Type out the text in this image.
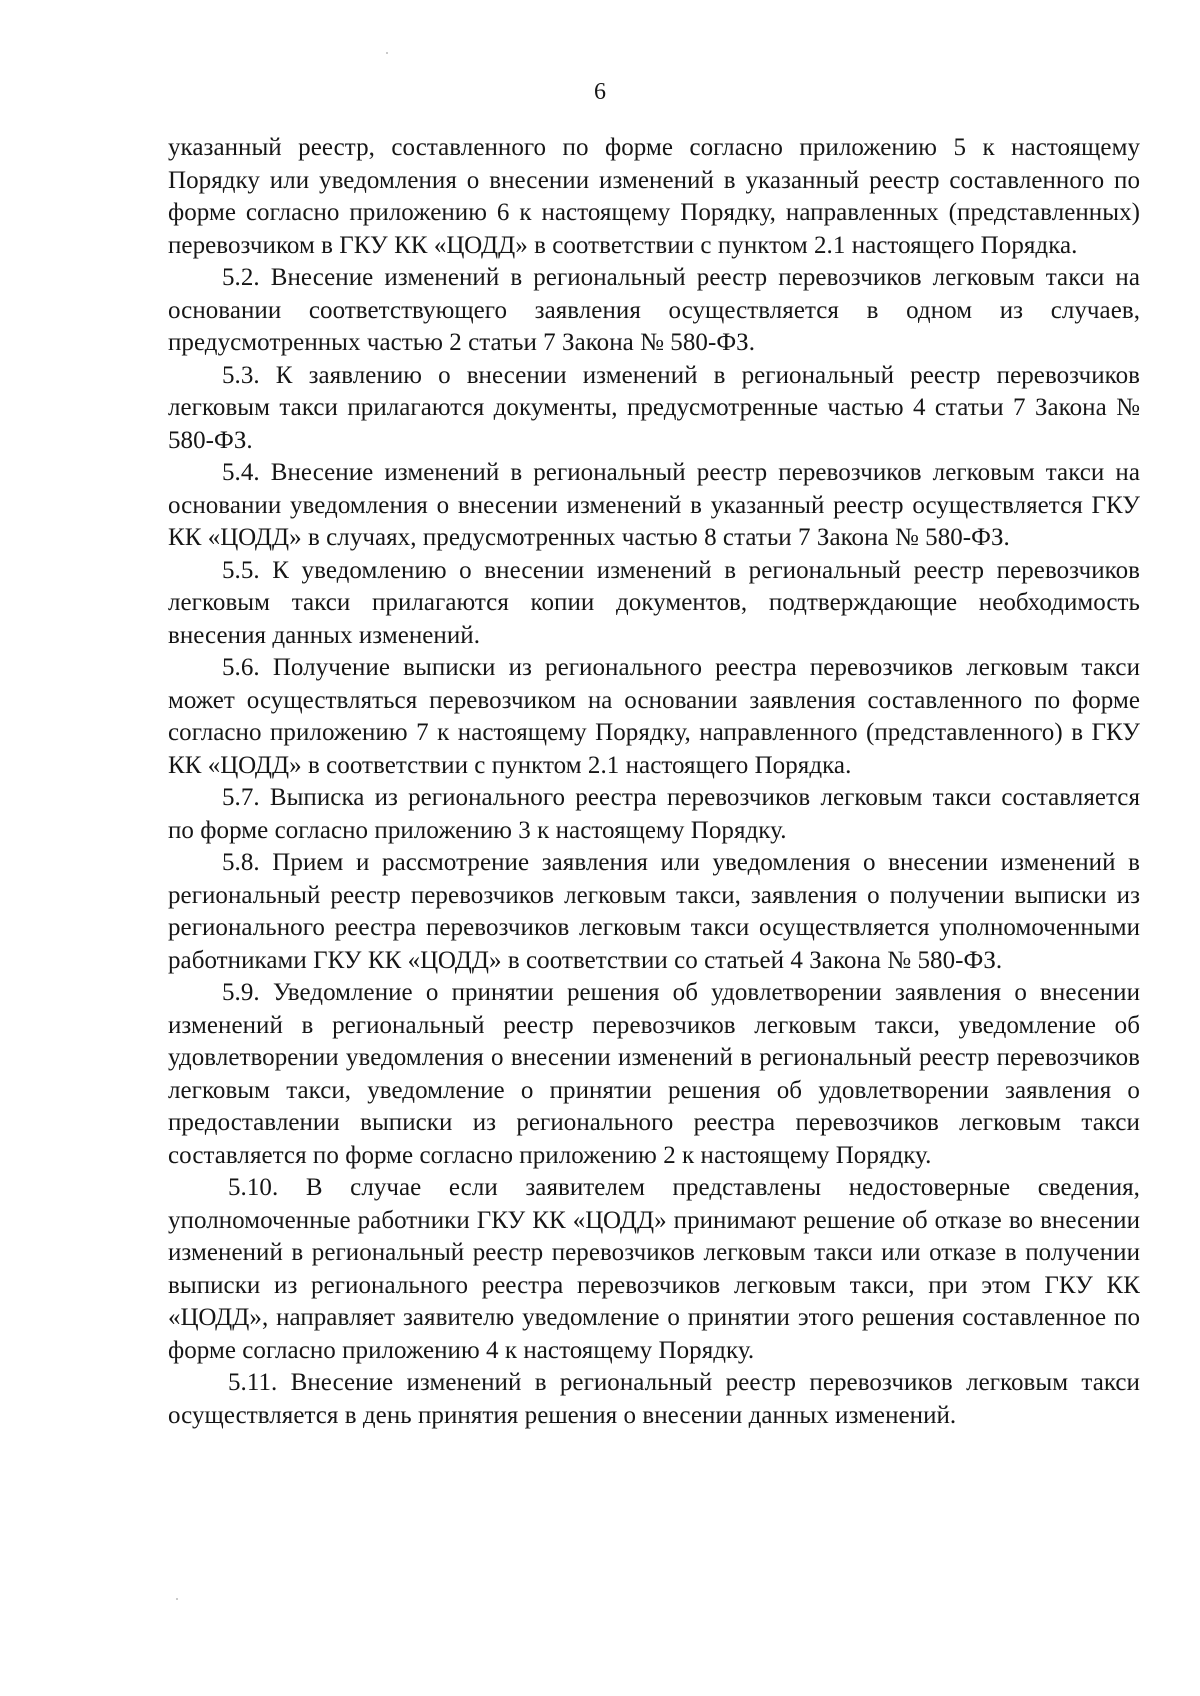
6

указанный реестр, составленного по форме согласно приложению 5 к настоящему Порядку или уведомления о внесении изменений в указанный реестр составленного по форме согласно приложению 6 к настоящему Порядку, направленных (представленных) перевозчиком в ГКУ КК «ЦОДД» в соответствии с пунктом 2.1 настоящего Порядка.

5.2. Внесение изменений в региональный реестр перевозчиков легковым такси на основании соответствующего заявления осуществляется в одном из случаев, предусмотренных частью 2 статьи 7 Закона № 580-ФЗ.

5.3. К заявлению о внесении изменений в региональный реестр перевозчиков легковым такси прилагаются документы, предусмотренные частью 4 статьи 7 Закона № 580-ФЗ.

5.4. Внесение изменений в региональный реестр перевозчиков легковым такси на основании уведомления о внесении изменений в указанный реестр осуществляется ГКУ КК «ЦОДД» в случаях, предусмотренных частью 8 статьи 7 Закона № 580-ФЗ.

5.5. К уведомлению о внесении изменений в региональный реестр перевозчиков легковым такси прилагаются копии документов, подтверждающие необходимость внесения данных изменений.

5.6. Получение выписки из регионального реестра перевозчиков легковым такси может осуществляться перевозчиком на основании заявления составленного по форме согласно приложению 7 к настоящему Порядку, направленного (представленного) в ГКУ КК «ЦОДД» в соответствии с пунктом 2.1 настоящего Порядка.

5.7. Выписка из регионального реестра перевозчиков легковым такси составляется по форме согласно приложению 3 к настоящему Порядку.

5.8. Прием и рассмотрение заявления или уведомления о внесении изменений в региональный реестр перевозчиков легковым такси, заявления о получении выписки из регионального реестра перевозчиков легковым такси осуществляется уполномоченными работниками ГКУ КК «ЦОДД» в соответствии со статьей 4 Закона № 580-ФЗ.

5.9. Уведомление о принятии решения об удовлетворении заявления о внесении изменений в региональный реестр перевозчиков легковым такси, уведомление об удовлетворении уведомления о внесении изменений в региональный реестр перевозчиков легковым такси, уведомление о принятии решения об удовлетворении заявления о предоставлении выписки из регионального реестра перевозчиков легковым такси составляется по форме согласно приложению 2 к настоящему Порядку.

5.10. В случае если заявителем представлены недостоверные сведения, уполномоченные работники ГКУ КК «ЦОДД» принимают решение об отказе во внесении изменений в региональный реестр перевозчиков легковым такси или отказе в получении выписки из регионального реестра перевозчиков легковым такси, при этом ГКУ КК «ЦОДД», направляет заявителю уведомление о принятии этого решения составленное по форме согласно приложению 4 к настоящему Порядку.

5.11. Внесение изменений в региональный реестр перевозчиков легковым такси осуществляется в день принятия решения о внесении данных изменений.
